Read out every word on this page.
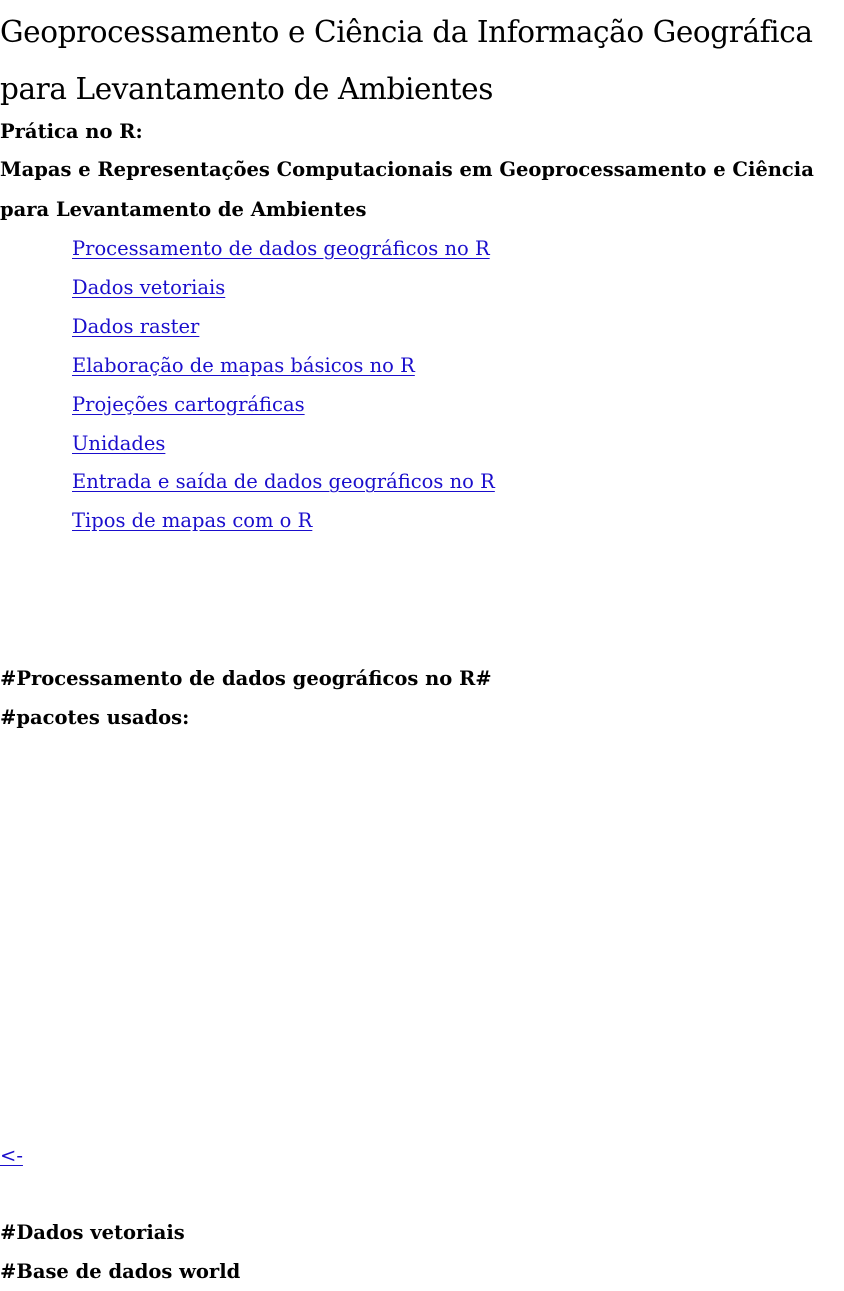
Geoprocessamento e Ciência da Informação Geográfica para Levantamento de Ambientes

Prática no R:

Mapas e Representações Computacionais em Geoprocessamento e Ciência para Levantamento de Ambientes

Processamento de dados geográficos no R
Dados vetoriais
Dados raster
Elaboração de mapas básicos no R
Projeções cartográficas
Unidades
Entrada e saída de dados geográficos no R
Tipos de mapas com o R

#Processamento de dados geográficos no R#

#pacotes usados:

<-

#Dados vetoriais

#Base de dados world
